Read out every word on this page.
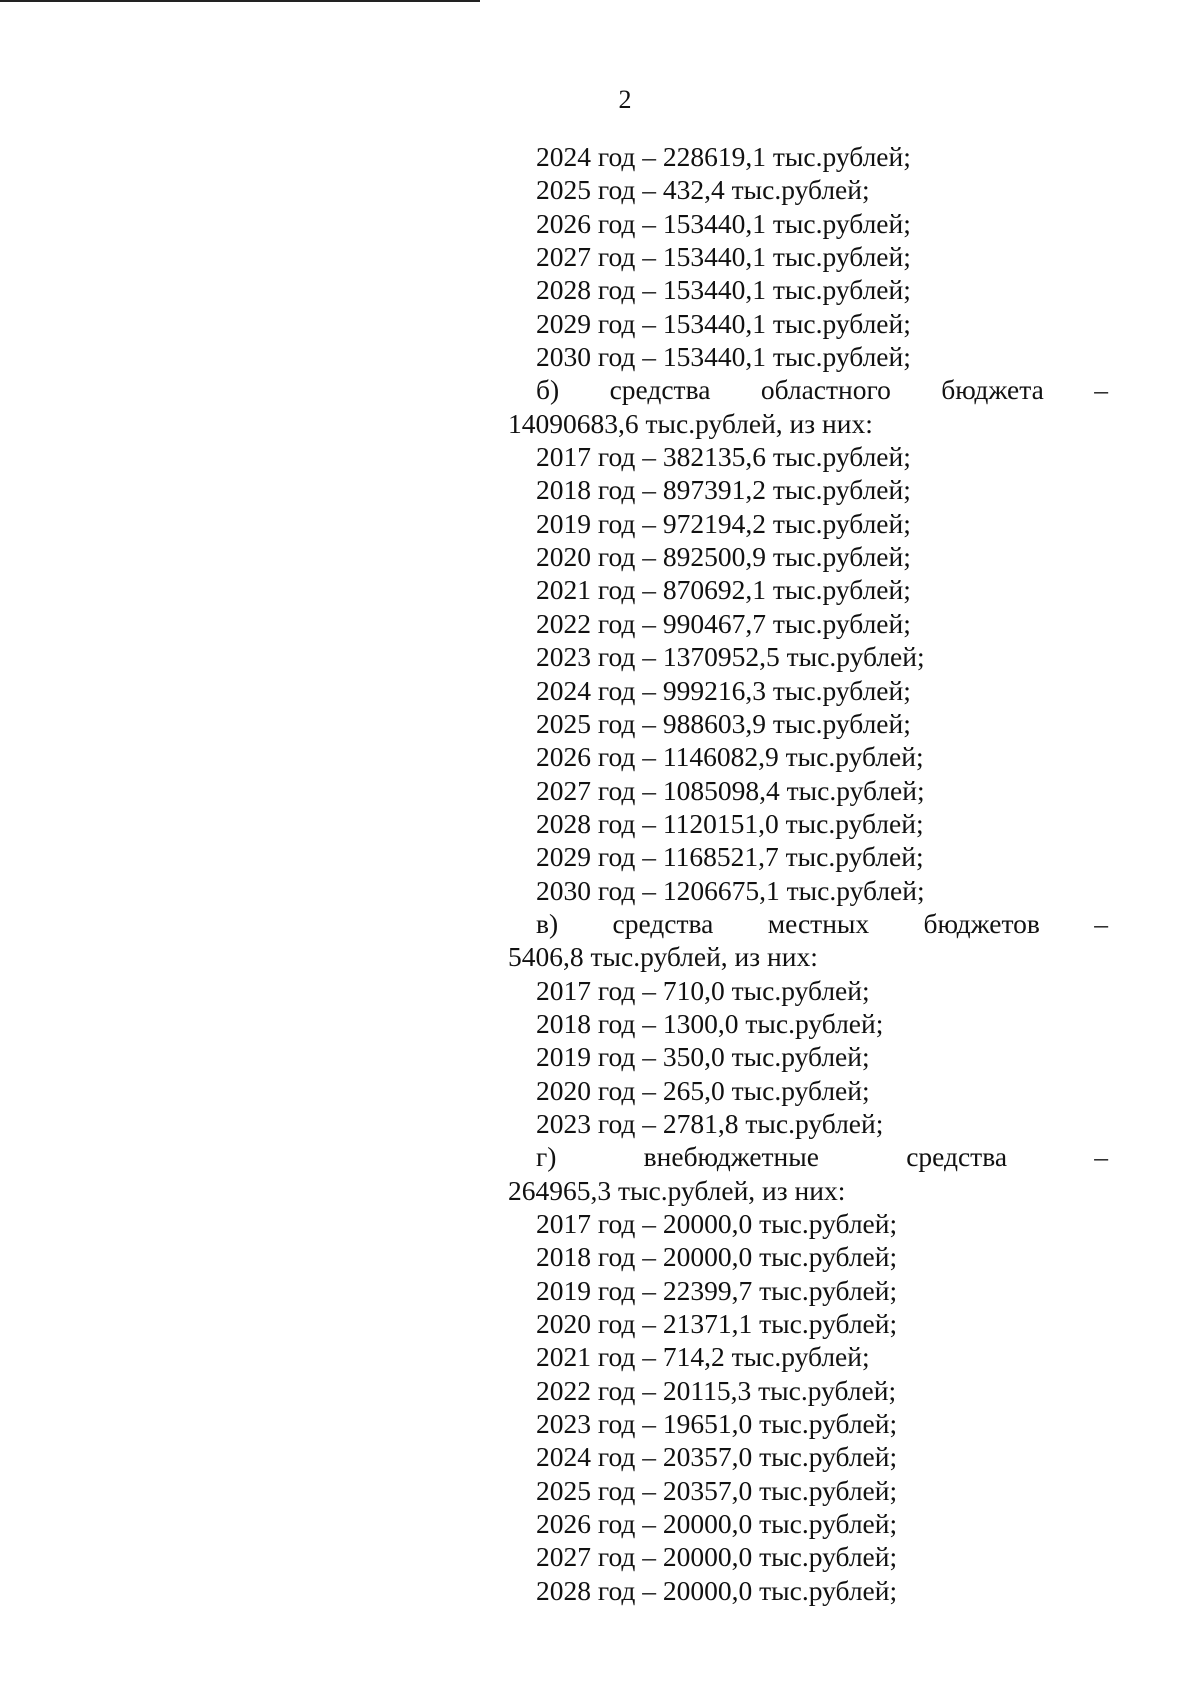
2
2024 год – 228619,1 тыс.рублей;
2025 год – 432,4 тыс.рублей;
2026 год – 153440,1 тыс.рублей;
2027 год – 153440,1 тыс.рублей;
2028 год – 153440,1 тыс.рублей;
2029 год – 153440,1 тыс.рублей;
2030 год – 153440,1 тыс.рублей;
б) средства областного бюджета –
14090683,6 тыс.рублей, из них:
2017 год – 382135,6 тыс.рублей;
2018 год – 897391,2 тыс.рублей;
2019 год – 972194,2 тыс.рублей;
2020 год – 892500,9 тыс.рублей;
2021 год – 870692,1 тыс.рублей;
2022 год – 990467,7 тыс.рублей;
2023 год – 1370952,5 тыс.рублей;
2024 год – 999216,3 тыс.рублей;
2025 год – 988603,9 тыс.рублей;
2026 год – 1146082,9 тыс.рублей;
2027 год – 1085098,4 тыс.рублей;
2028 год – 1120151,0 тыс.рублей;
2029 год – 1168521,7 тыс.рублей;
2030 год – 1206675,1 тыс.рублей;
в) средства местных бюджетов –
5406,8 тыс.рублей, из них:
2017 год – 710,0 тыс.рублей;
2018 год – 1300,0 тыс.рублей;
2019 год – 350,0 тыс.рублей;
2020 год – 265,0 тыс.рублей;
2023 год – 2781,8 тыс.рублей;
г)	внебюджетные	средства	–
264965,3 тыс.рублей, из них:
2017 год – 20000,0 тыс.рублей;
2018 год – 20000,0 тыс.рублей;
2019 год – 22399,7 тыс.рублей;
2020 год – 21371,1 тыс.рублей;
2021 год – 714,2 тыс.рублей;
2022 год – 20115,3 тыс.рублей;
2023 год – 19651,0 тыс.рублей;
2024 год – 20357,0 тыс.рублей;
2025 год – 20357,0 тыс.рублей;
2026 год – 20000,0 тыс.рублей;
2027 год – 20000,0 тыс.рублей;
2028 год – 20000,0 тыс.рублей;
